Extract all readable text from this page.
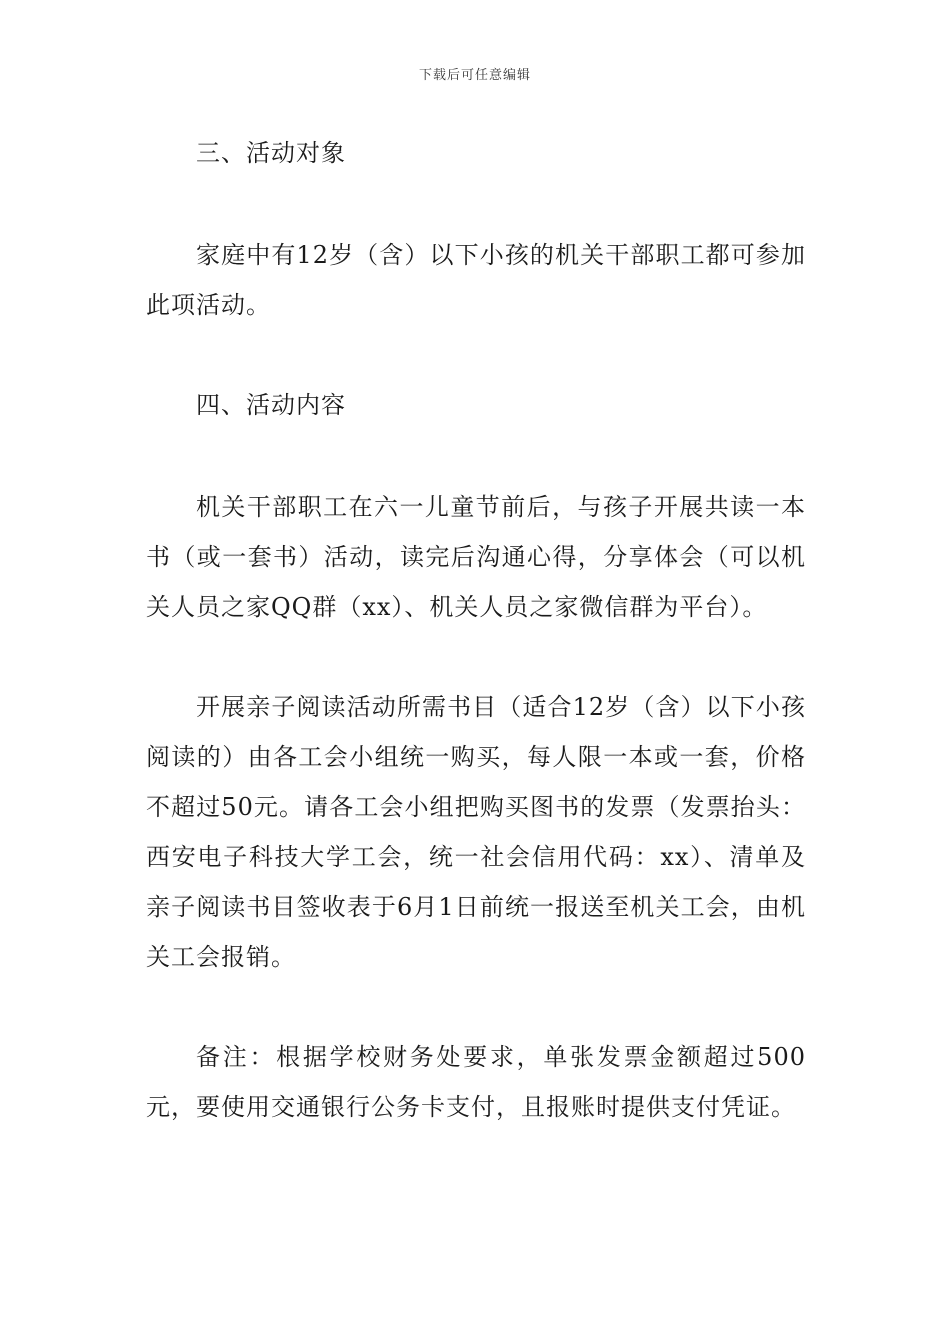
下载后可任意编辑

三、活动对象

家庭中有12岁（含）以下小孩的机关干部职工都可参加此项活动。

四、活动内容

机关干部职工在六一儿童节前后，与孩子开展共读一本书（或一套书）活动，读完后沟通心得，分享体会（可以机关人员之家QQ群（xx）、机关人员之家微信群为平台）。

开展亲子阅读活动所需书目（适合12岁（含）以下小孩阅读的）由各工会小组统一购买，每人限一本或一套，价格不超过50元。请各工会小组把购买图书的发票（发票抬头：西安电子科技大学工会，统一社会信用代码：xx）、清单及亲子阅读书目签收表于6月1日前统一报送至机关工会，由机关工会报销。

备注：根据学校财务处要求，单张发票金额超过500元，要使用交通银行公务卡支付，且报账时提供支付凭证。
